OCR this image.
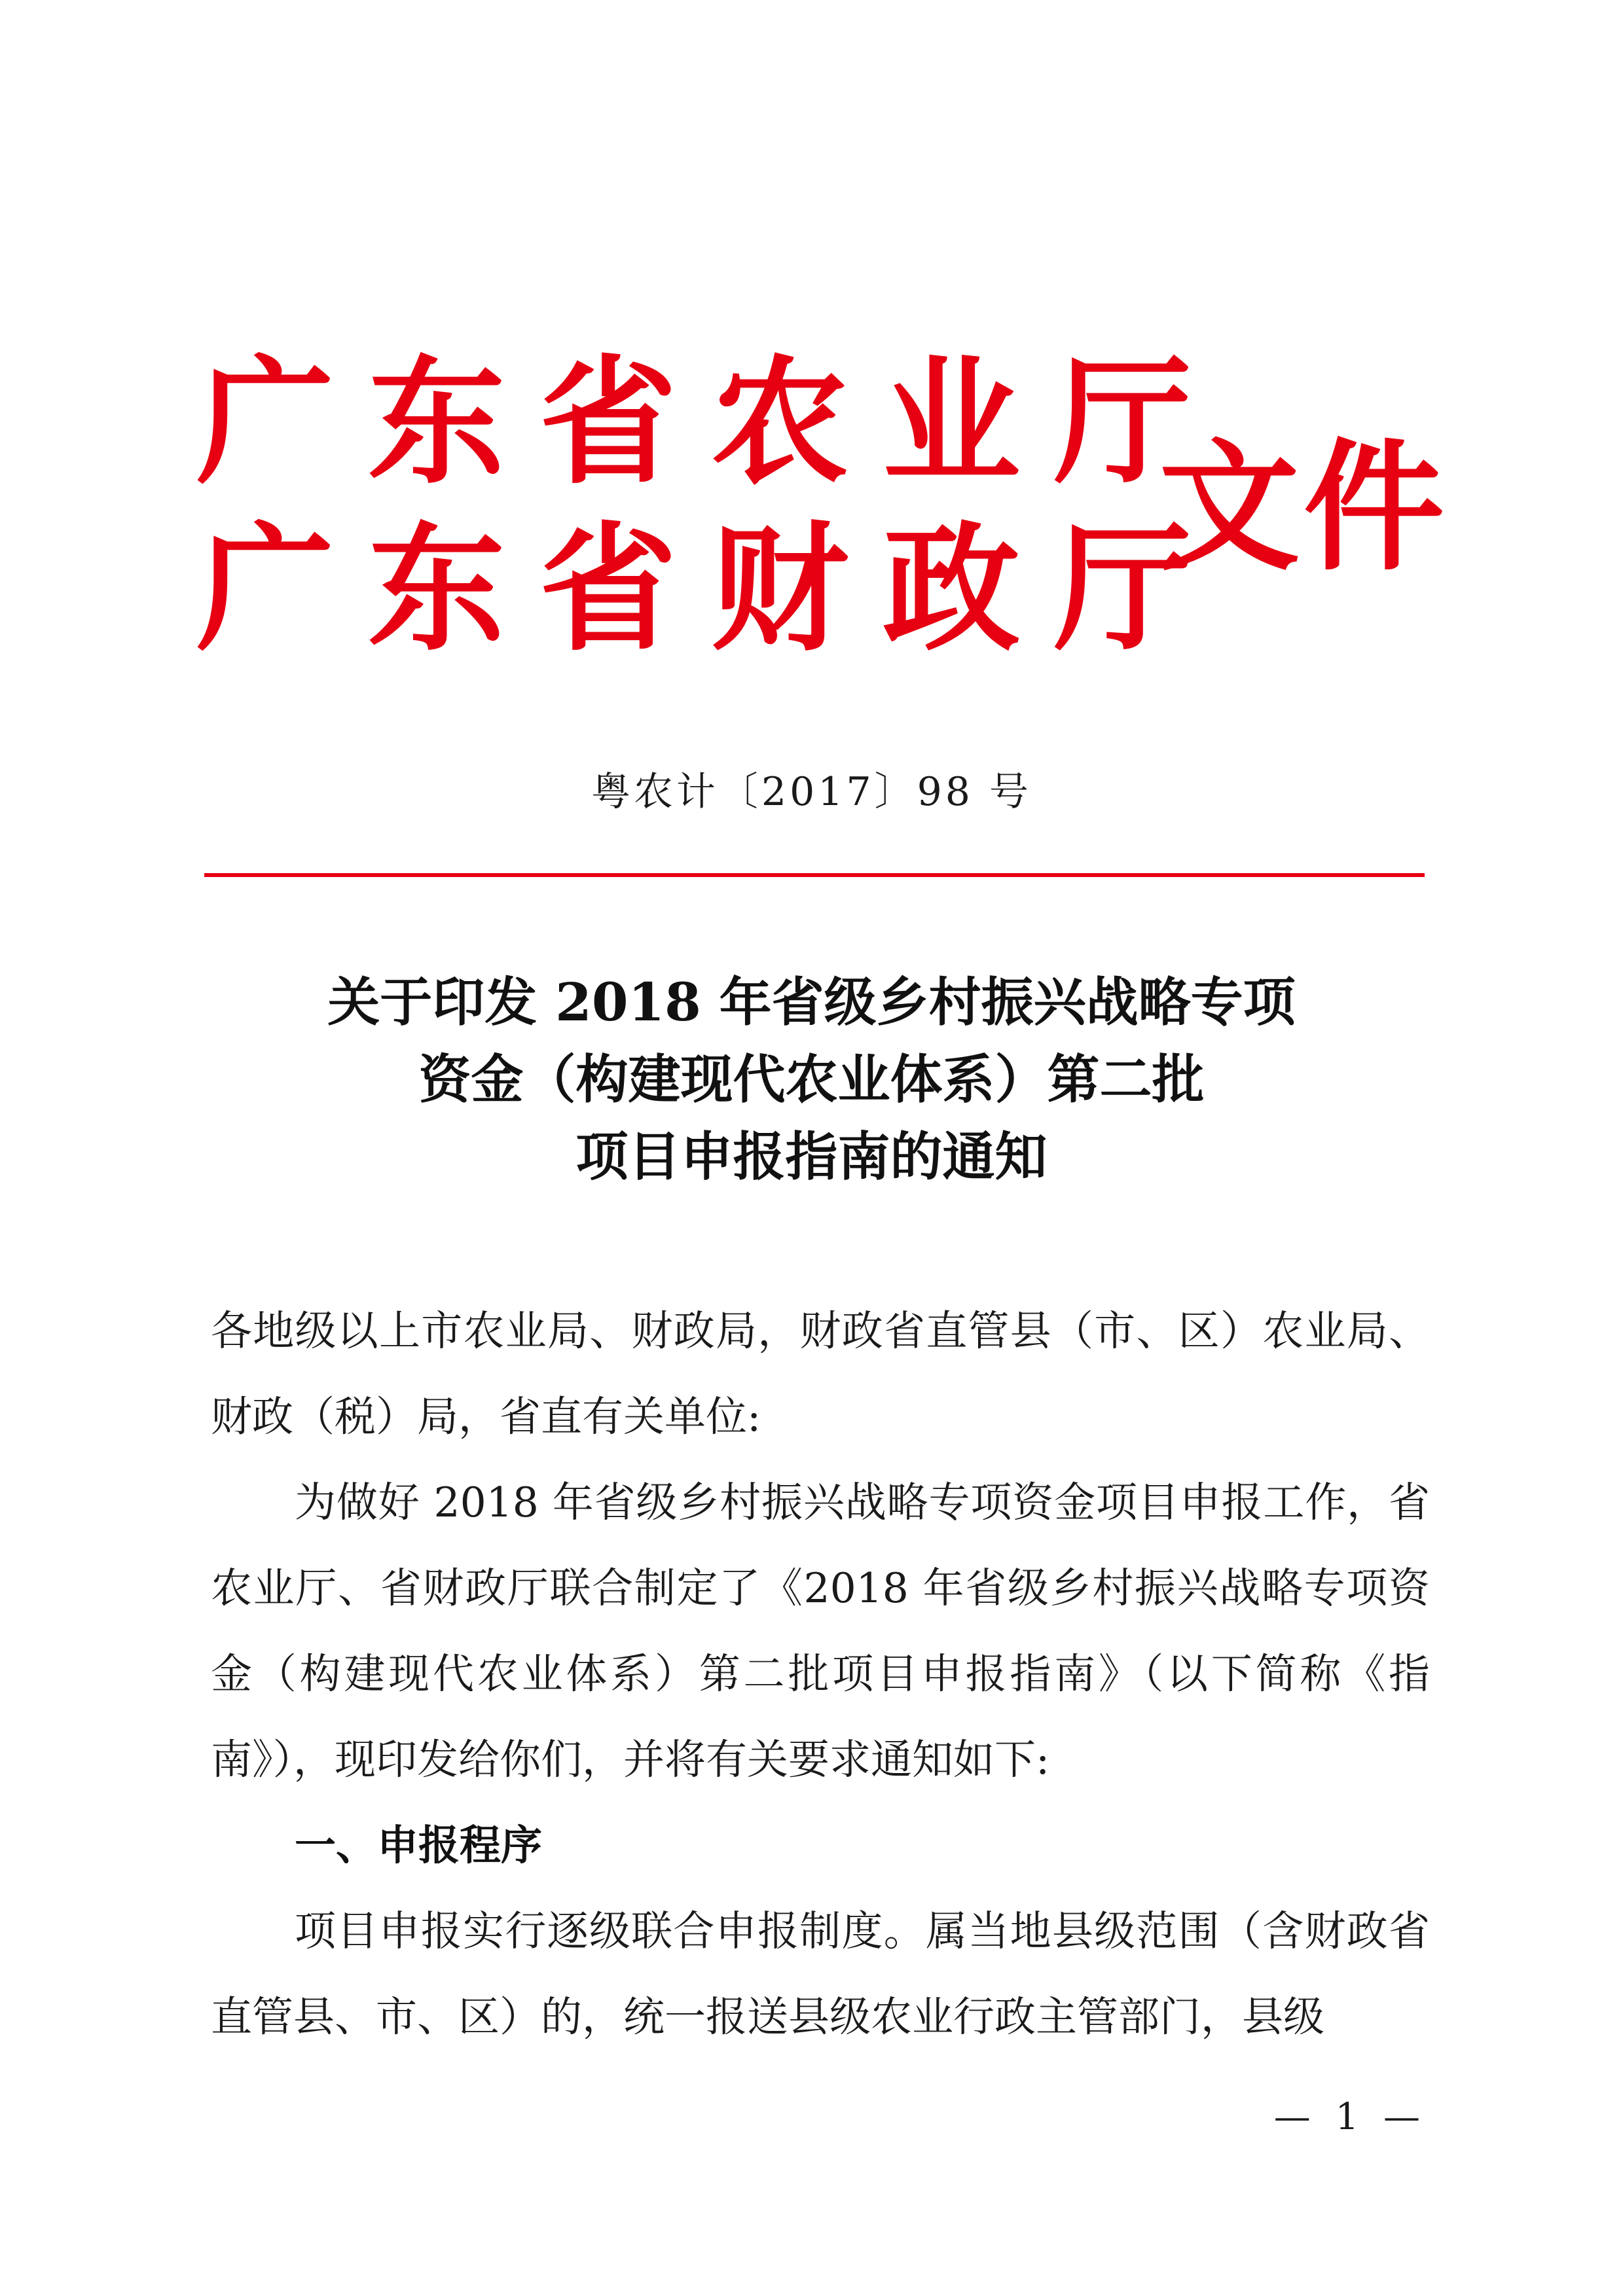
广东省农业厅
广东省财政厅
文件
粤农计〔2017〕98 号
关于印发 2018 年省级乡村振兴战略专项
资金（构建现代农业体系）第二批
项目申报指南的通知

各地级以上市农业局、财政局，财政省直管县（市、区）农业局、财政（税）局，省直有关单位:

为做好 2018 年省级乡村振兴战略专项资金项目申报工作，省农业厅、省财政厅联合制定了《2018 年省级乡村振兴战略专项资金（构建现代农业体系）第二批项目申报指南》（以下简称《指南》），现印发给你们，并将有关要求通知如下:

一、申报程序

项目申报实行逐级联合申报制度。属当地县级范围（含财政省直管县、市、区）的，统一报送县级农业行政主管部门，县级

— 1 —
